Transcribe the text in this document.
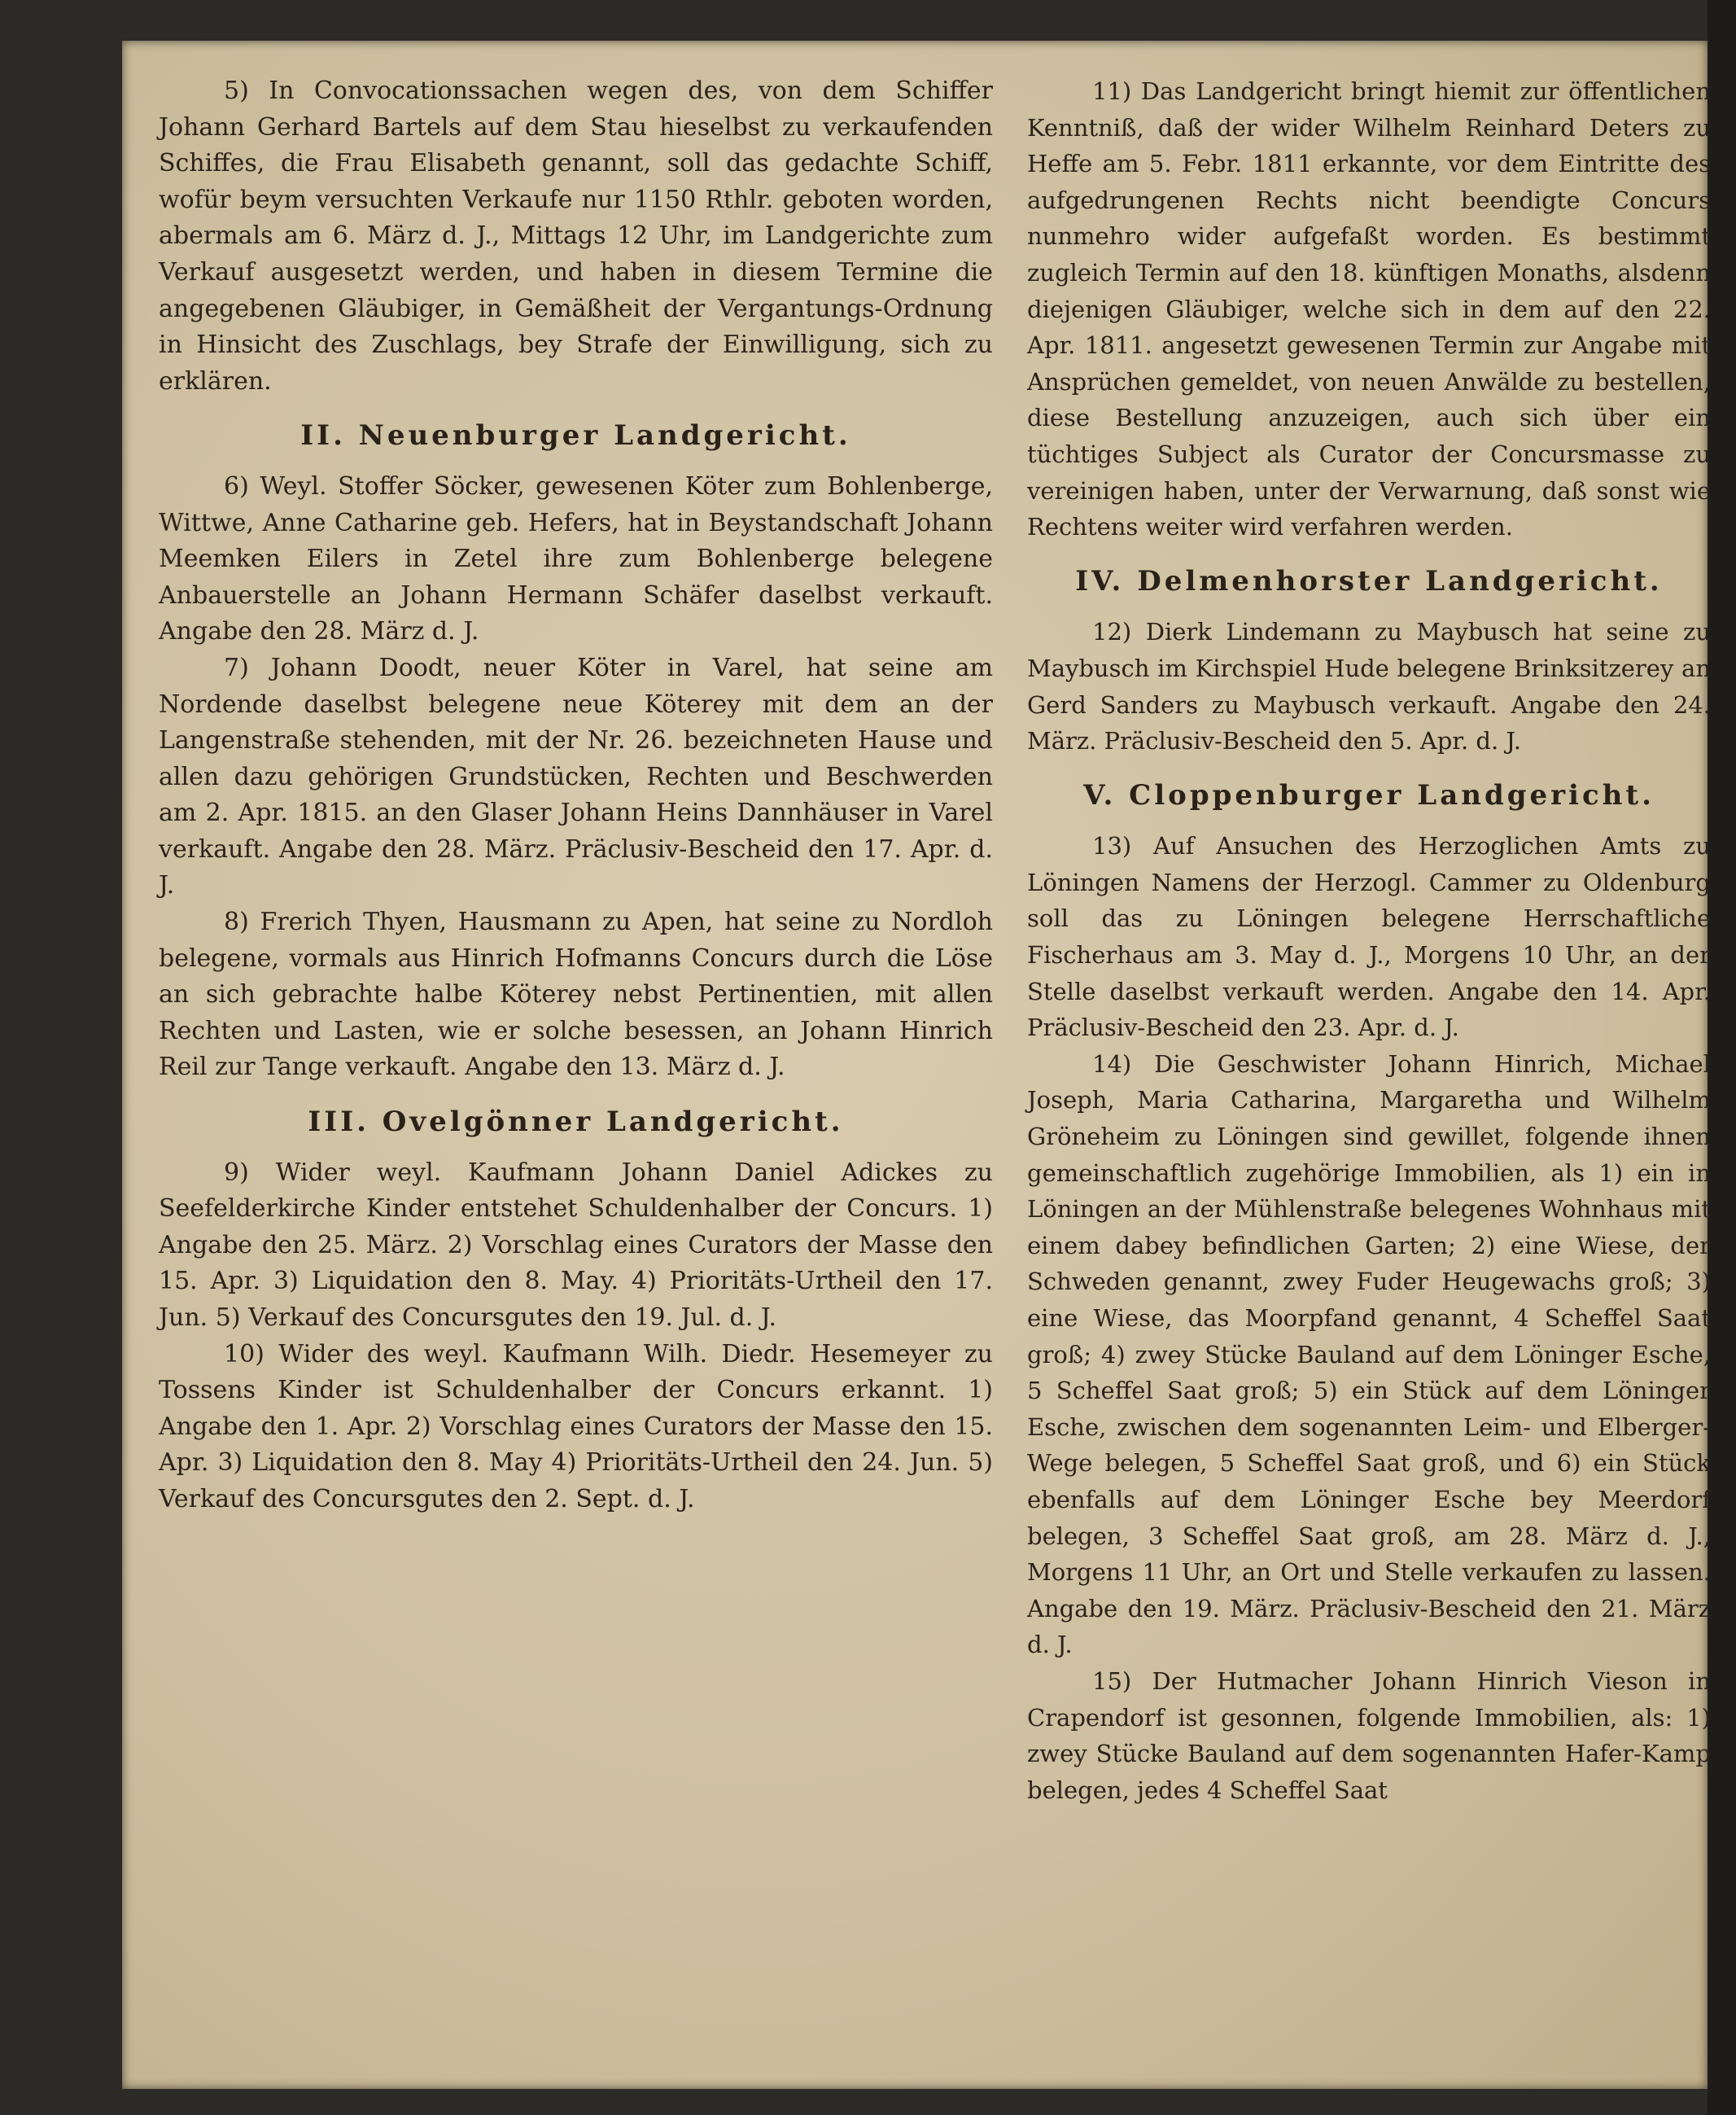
5) In Convocationssachen wegen des, von dem Schiffer Johann Gerhard Bartels auf dem Stau hieselbst zu verkaufenden Schiffes, die Frau Elisabeth genannt, soll das gedachte Schiff, wofür beym versuchten Verkaufe nur 1150 Rthlr. geboten worden, abermals am 6. März d. J., Mittags 12 Uhr, im Landgerichte zum Verkauf ausgesetzt werden, und haben in diesem Termine die angegebenen Gläubiger, in Gemäßheit der Vergantungs-Ordnung in Hinsicht des Zuschlags, bey Strafe der Einwilligung, sich zu erklären.

II. Neuenburger Landgericht.

6) Weyl. Stoffer Söcker, gewesenen Köter zum Bohlenberge, Wittwe, Anne Catharine geb. Hefers, hat in Beystandschaft Johann Meemken Eilers in Zetel ihre zum Bohlenberge belegene Anbauerstelle an Johann Hermann Schäfer daselbst verkauft. Angabe den 28. März d. J.

7) Johann Doodt, neuer Köter in Varel, hat seine am Nordende daselbst belegene neue Köterey mit dem an der Langenstraße stehenden, mit der Nr. 26. bezeichneten Hause und allen dazu gehörigen Grundstücken, Rechten und Beschwerden am 2. Apr. 1815. an den Glaser Johann Heins Dannhäuser in Varel verkauft. Angabe den 28. März. Präclusiv-Bescheid den 17. Apr. d. J.

8) Frerich Thyen, Hausmann zu Apen, hat seine zu Nordloh belegene, vormals aus Hinrich Hofmanns Concurs durch die Löse an sich gebrachte halbe Köterey nebst Pertinentien, mit allen Rechten und Lasten, wie er solche besessen, an Johann Hinrich Reil zur Tange verkauft. Angabe den 13. März d. J.

III. Ovelgönner Landgericht.

9) Wider weyl. Kaufmann Johann Daniel Adickes zu Seefelderkirche Kinder entstehet Schuldenhalber der Concurs. 1) Angabe den 25. März. 2) Vorschlag eines Curators der Masse den 15. Apr. 3) Liquidation den 8. May. 4) Prioritäts-Urtheil den 17. Jun. 5) Verkauf des Concursgutes den 19. Jul. d. J.

10) Wider des weyl. Kaufmann Wilh. Diedr. Hesemeyer zu Tossens Kinder ist Schuldenhalber der Concurs erkannt. 1) Angabe den 1. Apr. 2) Vorschlag eines Curators der Masse den 15. Apr. 3) Liquidation den 8. May 4) Prioritäts-Urtheil den 24. Jun. 5) Verkauf des Concursgutes den 2. Sept. d. J.

11) Das Landgericht bringt hiemit zur öffentlichen Kenntniß, daß der wider Wilhelm Reinhard Deters zu Heffe am 5. Febr. 1811 erkannte, vor dem Eintritte des aufgedrungenen Rechts nicht beendigte Concurs nunmehro wider aufgefaßt worden. Es bestimmt zugleich Termin auf den 18. künftigen Monaths, alsdenn diejenigen Gläubiger, welche sich in dem auf den 22. Apr. 1811. angesetzt gewesenen Termin zur Angabe mit Ansprüchen gemeldet, von neuen Anwälde zu bestellen, diese Bestellung anzuzeigen, auch sich über ein tüchtiges Subject als Curator der Concursmasse zu vereinigen haben, unter der Verwarnung, daß sonst wie Rechtens weiter wird verfahren werden.

IV. Delmenhorster Landgericht.

12) Dierk Lindemann zu Maybusch hat seine zu Maybusch im Kirchspiel Hude belegene Brinksitzerey an Gerd Sanders zu Maybusch verkauft. Angabe den 24. März. Präclusiv-Bescheid den 5. Apr. d. J.

V. Cloppenburger Landgericht.

13) Auf Ansuchen des Herzoglichen Amts zu Löningen Namens der Herzogl. Cammer zu Oldenburg soll das zu Löningen belegene Herrschaftliche Fischerhaus am 3. May d. J., Morgens 10 Uhr, an der Stelle daselbst verkauft werden. Angabe den 14. Apr. Präclusiv-Bescheid den 23. Apr. d. J.

14) Die Geschwister Johann Hinrich, Michael Joseph, Maria Catharina, Margaretha und Wilhelm Gröneheim zu Löningen sind gewillet, folgende ihnen gemeinschaftlich zugehörige Immobilien, als 1) ein in Löningen an der Mühlenstraße belegenes Wohnhaus mit einem dabey befindlichen Garten; 2) eine Wiese, der Schweden genannt, zwey Fuder Heugewachs groß; 3) eine Wiese, das Moorpfand genannt, 4 Scheffel Saat groß; 4) zwey Stücke Bauland auf dem Löninger Esche, 5 Scheffel Saat groß; 5) ein Stück auf dem Löninger Esche, zwischen dem sogenannten Leim- und Elberger-Wege belegen, 5 Scheffel Saat groß, und 6) ein Stück ebenfalls auf dem Löninger Esche bey Meerdorf belegen, 3 Scheffel Saat groß, am 28. März d. J., Morgens 11 Uhr, an Ort und Stelle verkaufen zu lassen. Angabe den 19. März. Präclusiv-Bescheid den 21. März d. J.

15) Der Hutmacher Johann Hinrich Vieson in Crapendorf ist gesonnen, folgende Immobilien, als: 1) zwey Stücke Bauland auf dem sogenannten Hafer-Kamp belegen, jedes 4 Scheffel Saat
